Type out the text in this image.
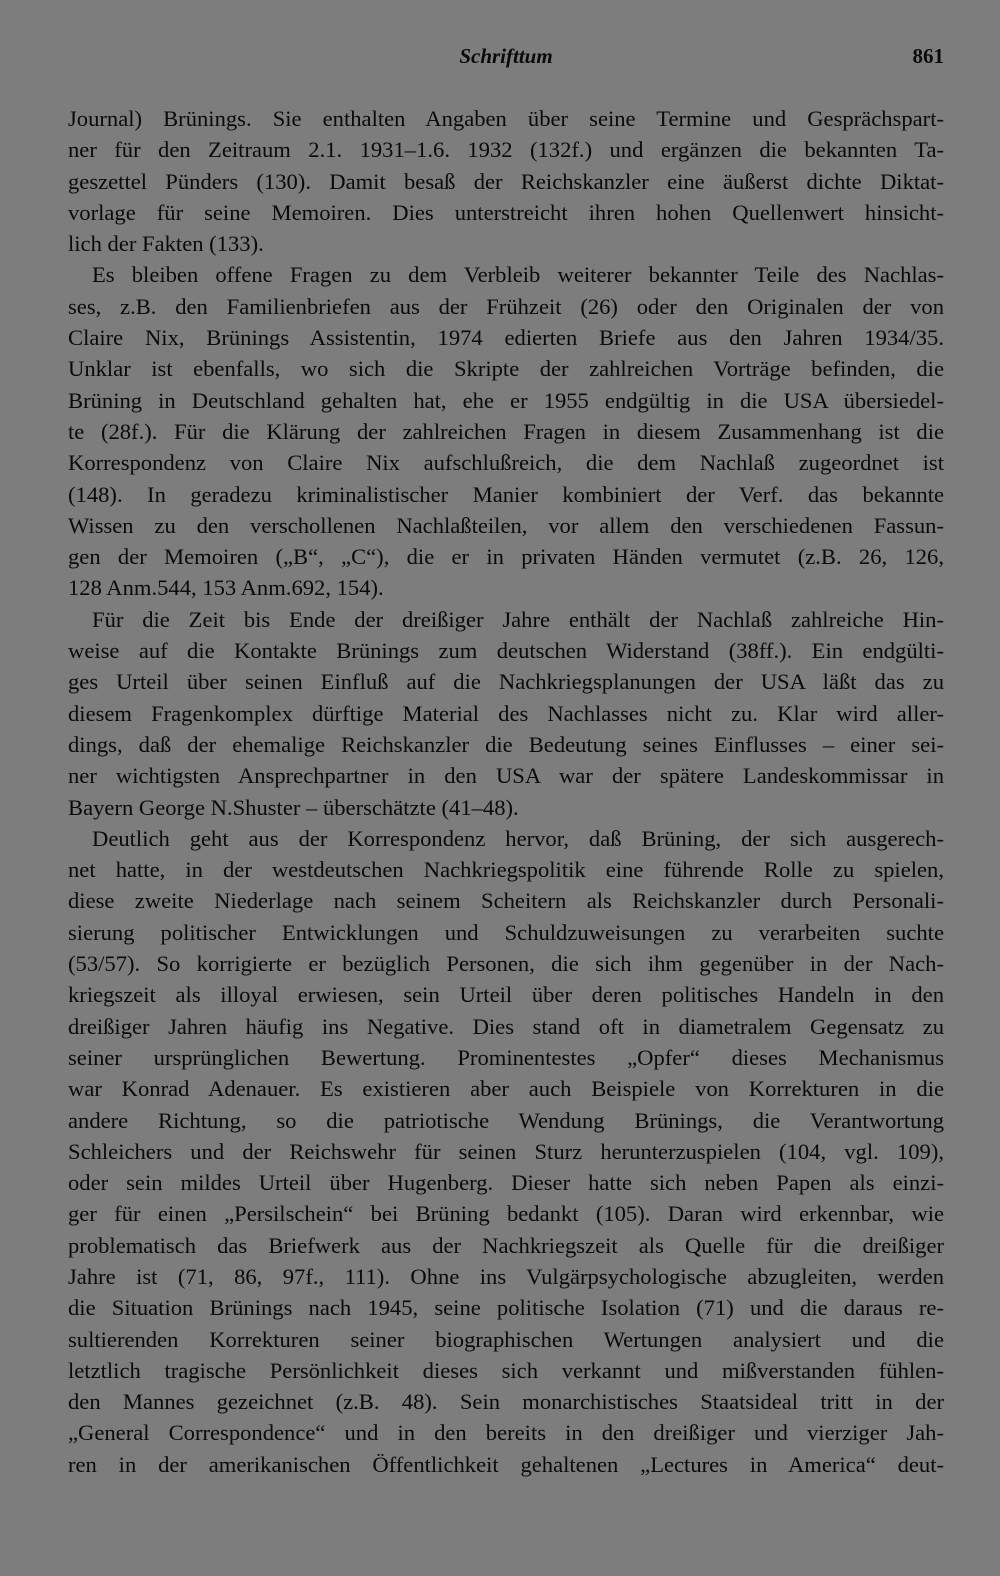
Schrifttum	861
Journal) Brünings. Sie enthalten Angaben über seine Termine und Gesprächspart-
ner für den Zeitraum 2.1. 1931–1.6. 1932 (132f.) und ergänzen die bekannten Ta-
geszettel Pünders (130). Damit besaß der Reichskanzler eine äußerst dichte Diktat-
vorlage für seine Memoiren. Dies unterstreicht ihren hohen Quellenwert hinsicht-
lich der Fakten (133).
Es bleiben offene Fragen zu dem Verbleib weiterer bekannter Teile des Nachlas-
ses, z.B. den Familienbriefen aus der Frühzeit (26) oder den Originalen der von
Claire Nix, Brünings Assistentin, 1974 edierten Briefe aus den Jahren 1934/35.
Unklar ist ebenfalls, wo sich die Skripte der zahlreichen Vorträge befinden, die
Brüning in Deutschland gehalten hat, ehe er 1955 endgültig in die USA übersiedel-
te (28f.). Für die Klärung der zahlreichen Fragen in diesem Zusammenhang ist die
Korrespondenz von Claire Nix aufschlußreich, die dem Nachlaß zugeordnet ist
(148). In geradezu kriminalistischer Manier kombiniert der Verf. das bekannte
Wissen zu den verschollenen Nachlaßteilen, vor allem den verschiedenen Fassun-
gen der Memoiren („B“, „C“), die er in privaten Händen vermutet (z.B. 26, 126,
128 Anm.544, 153 Anm.692, 154).
Für die Zeit bis Ende der dreißiger Jahre enthält der Nachlaß zahlreiche Hin-
weise auf die Kontakte Brünings zum deutschen Widerstand (38ff.). Ein endgülti-
ges Urteil über seinen Einfluß auf die Nachkriegsplanungen der USA läßt das zu
diesem Fragenkomplex dürftige Material des Nachlasses nicht zu. Klar wird aller-
dings, daß der ehemalige Reichskanzler die Bedeutung seines Einflusses – einer sei-
ner wichtigsten Ansprechpartner in den USA war der spätere Landeskommissar in
Bayern George N.Shuster – überschätzte (41–48).
Deutlich geht aus der Korrespondenz hervor, daß Brüning, der sich ausgerech-
net hatte, in der westdeutschen Nachkriegspolitik eine führende Rolle zu spielen,
diese zweite Niederlage nach seinem Scheitern als Reichskanzler durch Personali-
sierung politischer Entwicklungen und Schuldzuweisungen zu verarbeiten suchte
(53/57). So korrigierte er bezüglich Personen, die sich ihm gegenüber in der Nach-
kriegszeit als illoyal erwiesen, sein Urteil über deren politisches Handeln in den
dreißiger Jahren häufig ins Negative. Dies stand oft in diametralem Gegensatz zu
seiner ursprünglichen Bewertung. Prominentestes „Opfer“ dieses Mechanismus
war Konrad Adenauer. Es existieren aber auch Beispiele von Korrekturen in die
andere Richtung, so die patriotische Wendung Brünings, die Verantwortung
Schleichers und der Reichswehr für seinen Sturz herunterzuspielen (104, vgl. 109),
oder sein mildes Urteil über Hugenberg. Dieser hatte sich neben Papen als einzi-
ger für einen „Persilschein“ bei Brüning bedankt (105). Daran wird erkennbar, wie
problematisch das Briefwerk aus der Nachkriegszeit als Quelle für die dreißiger
Jahre ist (71, 86, 97f., 111). Ohne ins Vulgärpsychologische abzugleiten, werden
die Situation Brünings nach 1945, seine politische Isolation (71) und die daraus re-
sultierenden Korrekturen seiner biographischen Wertungen analysiert und die
letztlich tragische Persönlichkeit dieses sich verkannt und mißverstanden fühlen-
den Mannes gezeichnet (z.B. 48). Sein monarchistisches Staatsideal tritt in der
„General Correspondence“ und in den bereits in den dreißiger und vierziger Jah-
ren in der amerikanischen Öffentlichkeit gehaltenen „Lectures in America“ deut-
